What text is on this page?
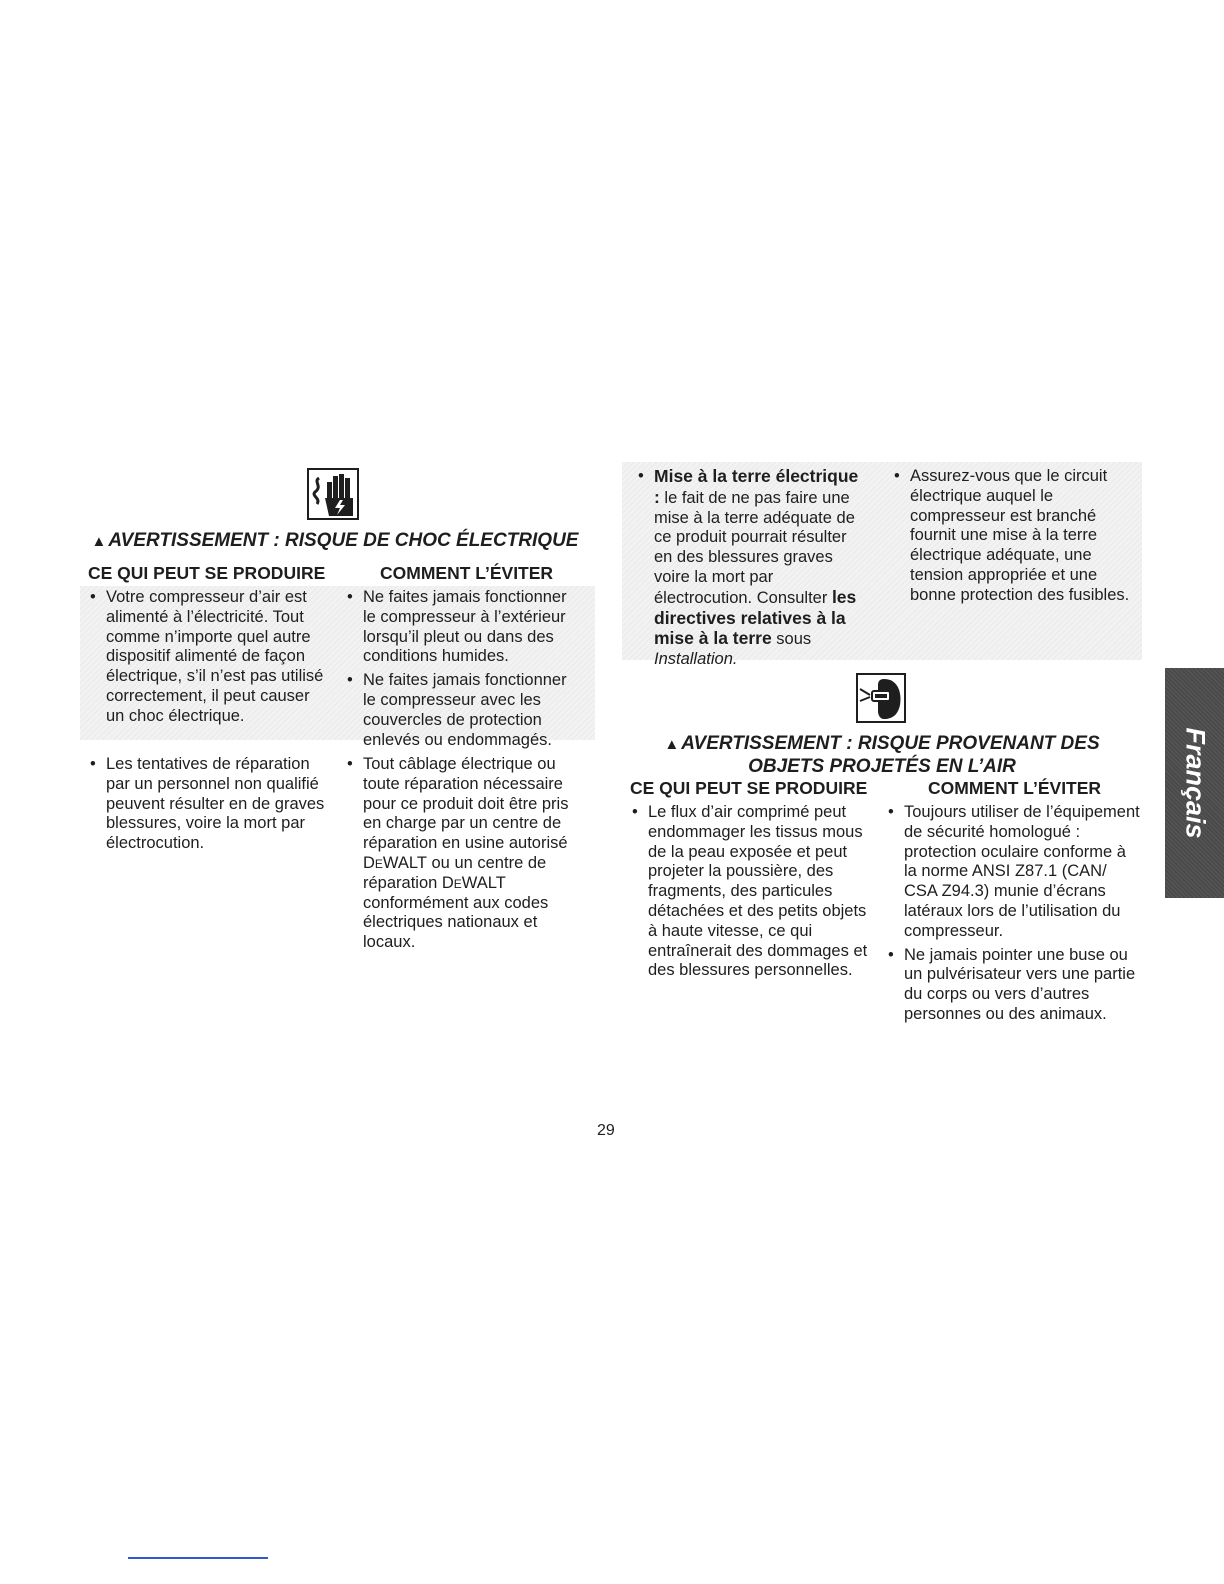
▲ AVERTISSEMENT : RISQUE DE CHOC ÉLECTRIQUE
CE QUI PEUT SE PRODUIRE	COMMENT L’ÉVITER

• Votre compresseur d’air est alimenté à l’électricité. Tout comme n’importe quel autre dispositif alimenté de façon électrique, s’il n’est pas utilisé correctement, il peut causer un choc électrique.

• Ne faites jamais fonctionner le compresseur à l’extérieur lorsqu’il pleut ou dans des conditions humides.

• Ne faites jamais fonctionner le compresseur avec les couvercles de protection enlevés ou endommagés.

• Les tentatives de réparation par un personnel non qualifié peuvent résulter en de graves blessures, voire la mort par électrocution.

• Tout câblage électrique ou toute réparation nécessaire pour ce produit doit être pris en charge par un centre de réparation en usine autorisé DeWALT ou un centre de réparation DeWALT conformément aux codes électriques nationaux et locaux.

• Mise à la terre électrique : le fait de ne pas faire une mise à la terre adéquate de ce produit pourrait résulter en des blessures graves voire la mort par électrocution. Consulter les directives relatives à la mise à la terre sous Installation.

• Assurez-vous que le circuit électrique auquel le compresseur est branché fournit une mise à la terre électrique adéquate, une tension appropriée et une bonne protection des fusibles.

▲ AVERTISSEMENT : RISQUE PROVENANT DES
OBJETS PROJETÉS EN L’AIR
CE QUI PEUT SE PRODUIRE	COMMENT L’ÉVITER

• Le flux d’air comprimé peut endommager les tissus mous de la peau exposée et peut projeter la poussière, des fragments, des particules détachées et des petits objets à haute vitesse, ce qui entraînerait des dommages et des blessures personnelles.

• Toujours utiliser de l’équipement de sécurité homologué : protection oculaire conforme à la norme ANSI Z87.1 (CAN/ CSA Z94.3) munie d’écrans latéraux lors de l’utilisation du compresseur.

• Ne jamais pointer une buse ou un pulvérisateur vers une partie du corps ou vers d’autres personnes ou des animaux.

Français
29
